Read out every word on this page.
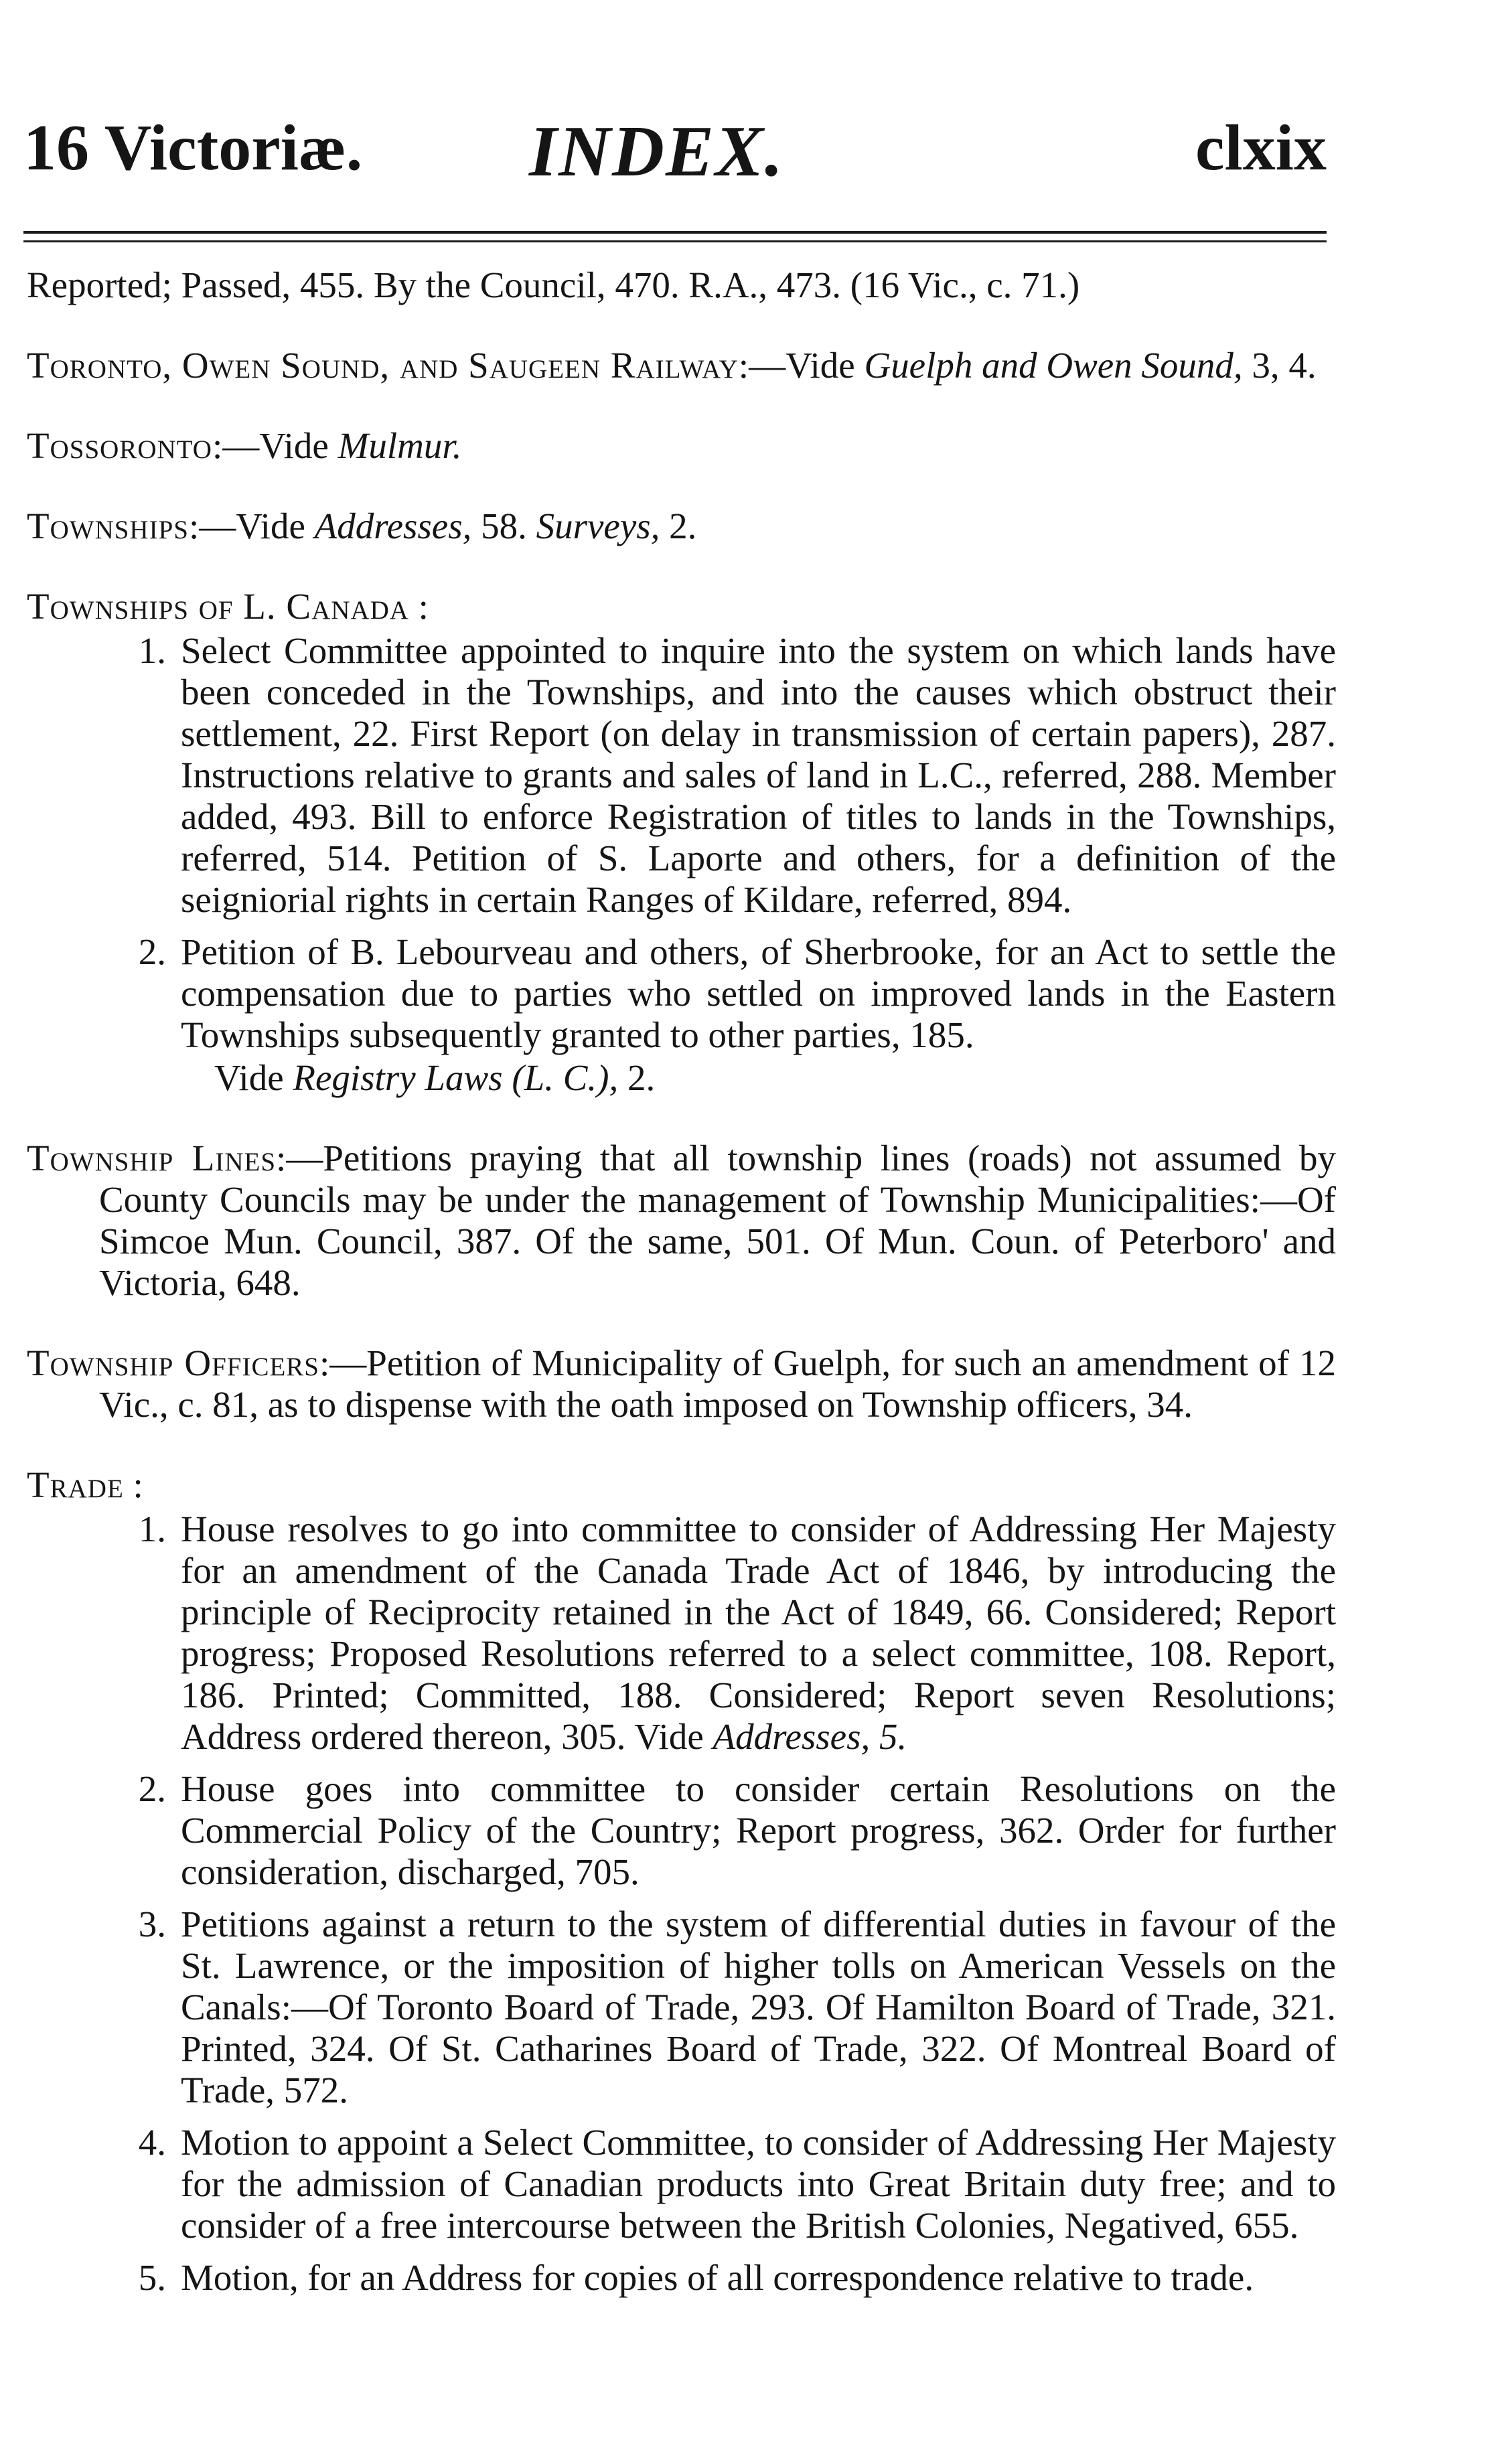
16 Victoriæ. INDEX.	clxix
Reported; Passed, 455. By the Council, 470. R.A., 473. (16 Vic., c. 71.)
Toronto, Owen Sound, and Saugeen Railway:—Vide Guelph and Owen Sound, 3, 4.
Tossoronto:—Vide Mulmur.
Townships:—Vide Addresses, 58. Surveys, 2.
Townships of L. Canada :
1. Select Committee appointed to inquire into the system on which lands have been conceded in the Townships, and into the causes which obstruct their settlement, 22. First Report (on delay in transmission of certain papers), 287. Instructions relative to grants and sales of land in L.C., referred, 288. Member added, 493. Bill to enforce Registration of titles to lands in the Townships, referred, 514. Petition of S. Laporte and others, for a definition of the seigniorial rights in certain Ranges of Kildare, referred, 894.
2. Petition of B. Lebourveau and others, of Sherbrooke, for an Act to settle the compensation due to parties who settled on improved lands in the Eastern Townships subsequently granted to other parties, 185.
Vide Registry Laws (L. C.), 2.
Township Lines:—Petitions praying that all township lines (roads) not assumed by County Councils may be under the management of Township Municipalities:—Of Simcoe Mun. Council, 387. Of the same, 501. Of Mun. Coun. of Peterboro' and Victoria, 648.
Township Officers:—Petition of Municipality of Guelph, for such an amendment of 12 Vic., c. 81, as to dispense with the oath imposed on Township officers, 34.
Trade :
1. House resolves to go into committee to consider of Addressing Her Majesty for an amendment of the Canada Trade Act of 1846, by introducing the principle of Reciprocity retained in the Act of 1849, 66. Considered; Report progress; Proposed Resolutions referred to a select committee, 108. Report, 186. Printed; Committed, 188. Considered; Report seven Resolutions; Address ordered thereon, 305. Vide Addresses, 5.
2. House goes into committee to consider certain Resolutions on the Commercial Policy of the Country; Report progress, 362. Order for further consideration, discharged, 705.
3. Petitions against a return to the system of differential duties in favour of the St. Lawrence, or the imposition of higher tolls on American Vessels on the Canals:—Of Toronto Board of Trade, 293. Of Hamilton Board of Trade, 321. Printed, 324. Of St. Catharines Board of Trade, 322. Of Montreal Board of Trade, 572.
4. Motion to appoint a Select Committee, to consider of Addressing Her Majesty for the admission of Canadian products into Great Britain duty free; and to consider of a free intercourse between the British Colonies, Negatived, 655.
5. Motion, for an Address for copies of all correspondence relative to trade.
